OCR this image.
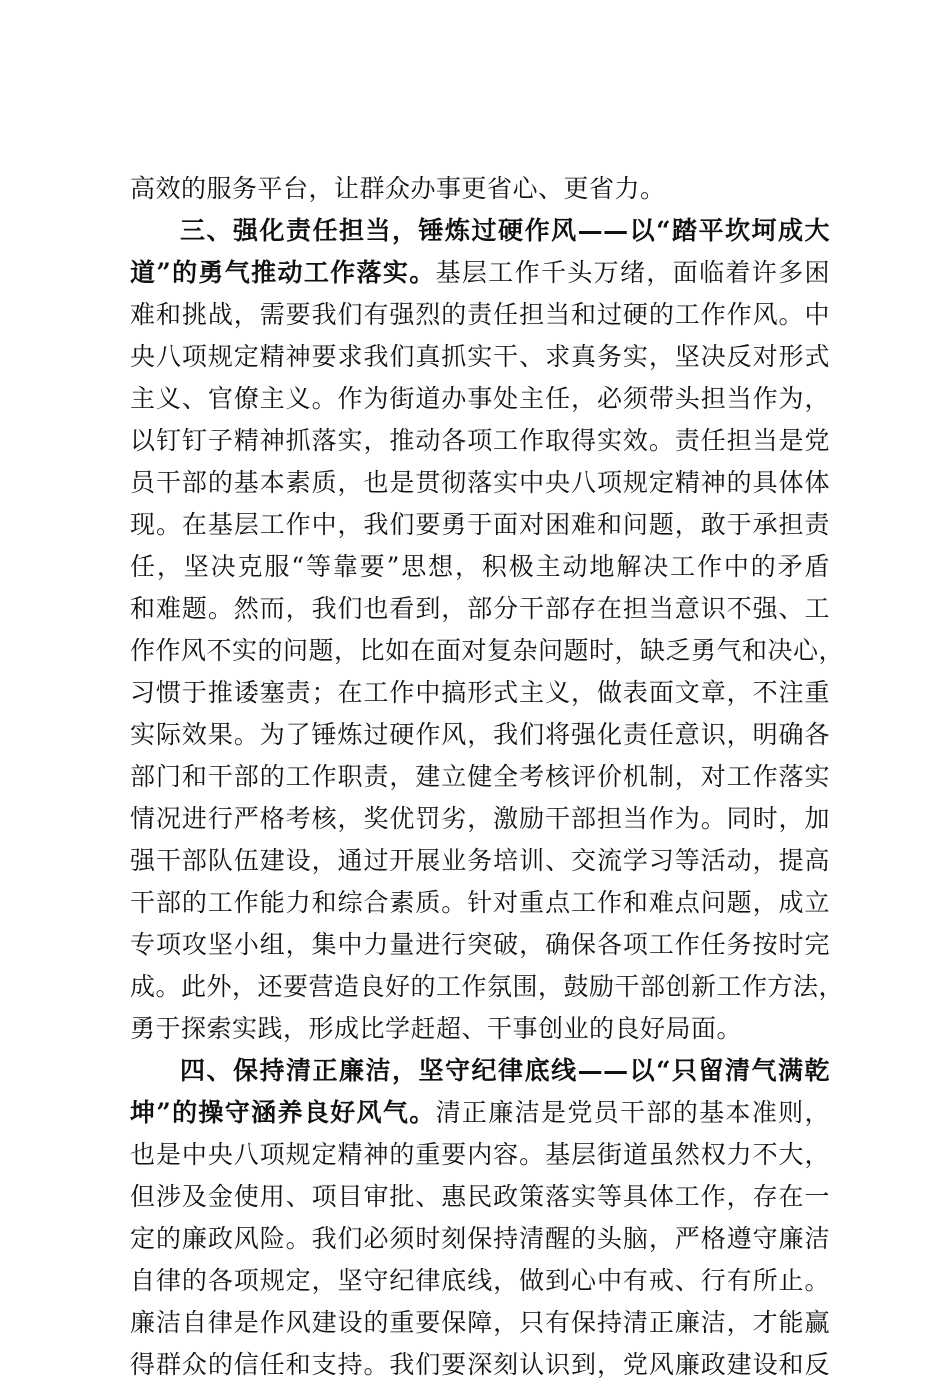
高效的服务平台，让群众办事更省心、更省力。
三、强化责任担当，锤炼过硬作风——以“踏平坎坷成大
道”的勇气推动工作落实。基层工作千头万绪，面临着许多困
难和挑战，需要我们有强烈的责任担当和过硬的工作作风。中
央八项规定精神要求我们真抓实干、求真务实，坚决反对形式
主义、官僚主义。作为街道办事处主任，必须带头担当作为，
以钉钉子精神抓落实，推动各项工作取得实效。责任担当是党
员干部的基本素质，也是贯彻落实中央八项规定精神的具体体
现。在基层工作中，我们要勇于面对困难和问题，敢于承担责
任，坚决克服“等靠要”思想，积极主动地解决工作中的矛盾
和难题。然而，我们也看到，部分干部存在担当意识不强、工
作作风不实的问题，比如在面对复杂问题时，缺乏勇气和决心，
习惯于推诿塞责；在工作中搞形式主义，做表面文章，不注重
实际效果。为了锤炼过硬作风，我们将强化责任意识，明确各
部门和干部的工作职责，建立健全考核评价机制，对工作落实
情况进行严格考核，奖优罚劣，激励干部担当作为。同时，加
强干部队伍建设，通过开展业务培训、交流学习等活动，提高
干部的工作能力和综合素质。针对重点工作和难点问题，成立
专项攻坚小组，集中力量进行突破，确保各项工作任务按时完
成。此外，还要营造良好的工作氛围，鼓励干部创新工作方法，
勇于探索实践，形成比学赶超、干事创业的良好局面。
四、保持清正廉洁，坚守纪律底线——以“只留清气满乾
坤”的操守涵养良好风气。清正廉洁是党员干部的基本准则，
也是中央八项规定精神的重要内容。基层街道虽然权力不大，
但涉及金使用、项目审批、惠民政策落实等具体工作，存在一
定的廉政风险。我们必须时刻保持清醒的头脑，严格遵守廉洁
自律的各项规定，坚守纪律底线，做到心中有戒、行有所止。
廉洁自律是作风建设的重要保障，只有保持清正廉洁，才能赢
得群众的信任和支持。我们要深刻认识到，党风廉政建设和反
